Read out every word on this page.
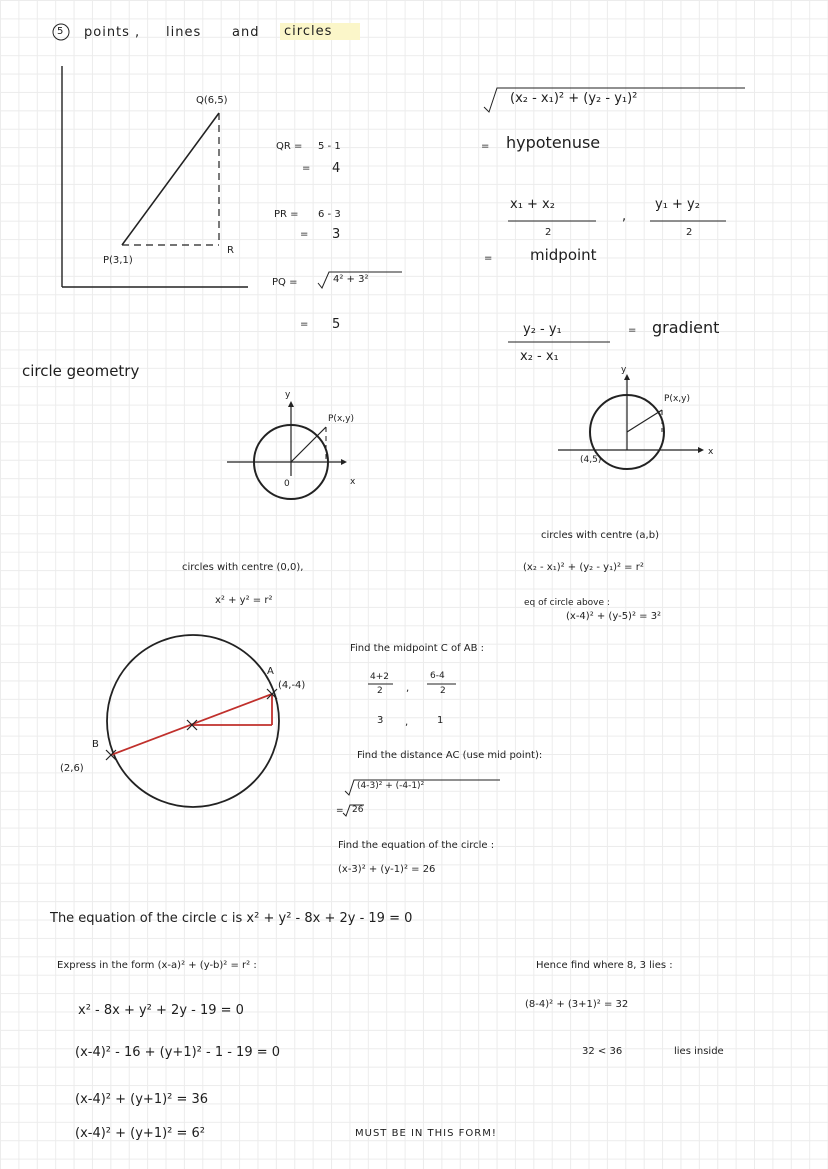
5 points , lines and	circles
Q(6,5)
P(3,1)
R
QR = 5 - 1
= 4
PR = 6 - 3
= 3
PQ =	4² + 3²
= 5
(x₂ - x₁)² + (y₂ - y₁)²
= hypotenuse
x₁ + x₂
2
,
y₁ + y₂
2
=	midpoint
y₂ - y₁
x₂ - x₁
= gradient
circle geometry
y
0
P(x,y)
x
circles with centre (0,0),
x² + y² = r²
y
P(x,y)
x
(4,5)
circles with centre (a,b)
(x₂ - x₁)² + (y₂ - y₁)² = r²
eq of circle above :
(x-4)² + (y-5)² = 3²
A
(4,-4)
B
(2,6)
Find the midpoint C of AB :
4+2
2 ,
6-4
2
3 ,	1
Find the distance AC (use mid point):
(4-3)² + (-4-1)²
= 26
Find the equation of the circle :
(x-3)² + (y-1)² = 26
The equation of the circle c is x² + y² - 8x + 2y - 19 = 0
Express in the form (x-a)² + (y-b)² = r² :
x² - 8x + y² + 2y - 19 = 0
(x-4)² - 16 + (y+1)² - 1 - 19 = 0
(x-4)² + (y+1)² = 36
(x-4)² + (y+1)² = 6²	MUST BE IN THIS FORM!
Hence find where 8, 3 lies :
(8-4)² + (3+1)² = 32
32 < 36	lies inside
